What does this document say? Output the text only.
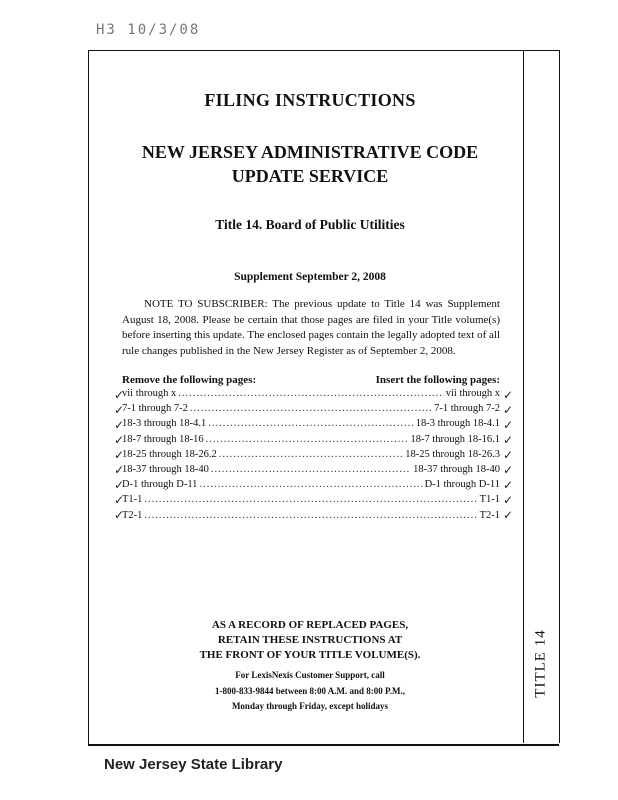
H3 10/3/08
TITLE 14
FILING INSTRUCTIONS
NEW JERSEY ADMINISTRATIVE CODE
UPDATE SERVICE
Title 14. Board of Public Utilities
Supplement September 2, 2008
NOTE TO SUBSCRIBER: The previous update to Title 14 was Supplement August 18, 2008. Please be certain that those pages are filed in your Title volume(s) before inserting this update. The enclosed pages contain the legally adopted text of all rule changes published in the New Jersey Register as of September 2, 2008.
Remove the following pages:	Insert the following pages:
vii through x .....	vii through x
7-1 through 7-2 .....	7-1 through 7-2
18-3 through 18-4.1 .....	18-3 through 18-4.1
18-7 through 18-16 .....	18-7 through 18-16.1
18-25 through 18-26.2 .....	18-25 through 18-26.3
18-37 through 18-40 .....	18-37 through 18-40
D-1 through D-11 .....	D-1 through D-11
T1-1 .....	T1-1
T2-1 .....	T2-1
AS A RECORD OF REPLACED PAGES,
RETAIN THESE INSTRUCTIONS AT
THE FRONT OF YOUR TITLE VOLUME(S).
For LexisNexis Customer Support, call
1-800-833-9844 between 8:00 A.M. and 8:00 P.M.,
Monday through Friday, except holidays
✓
✓
✓
✓
✓
✓
✓
✓
✓
✓
✓
✓
✓
✓
✓
✓
✓
✓
New Jersey State Library
